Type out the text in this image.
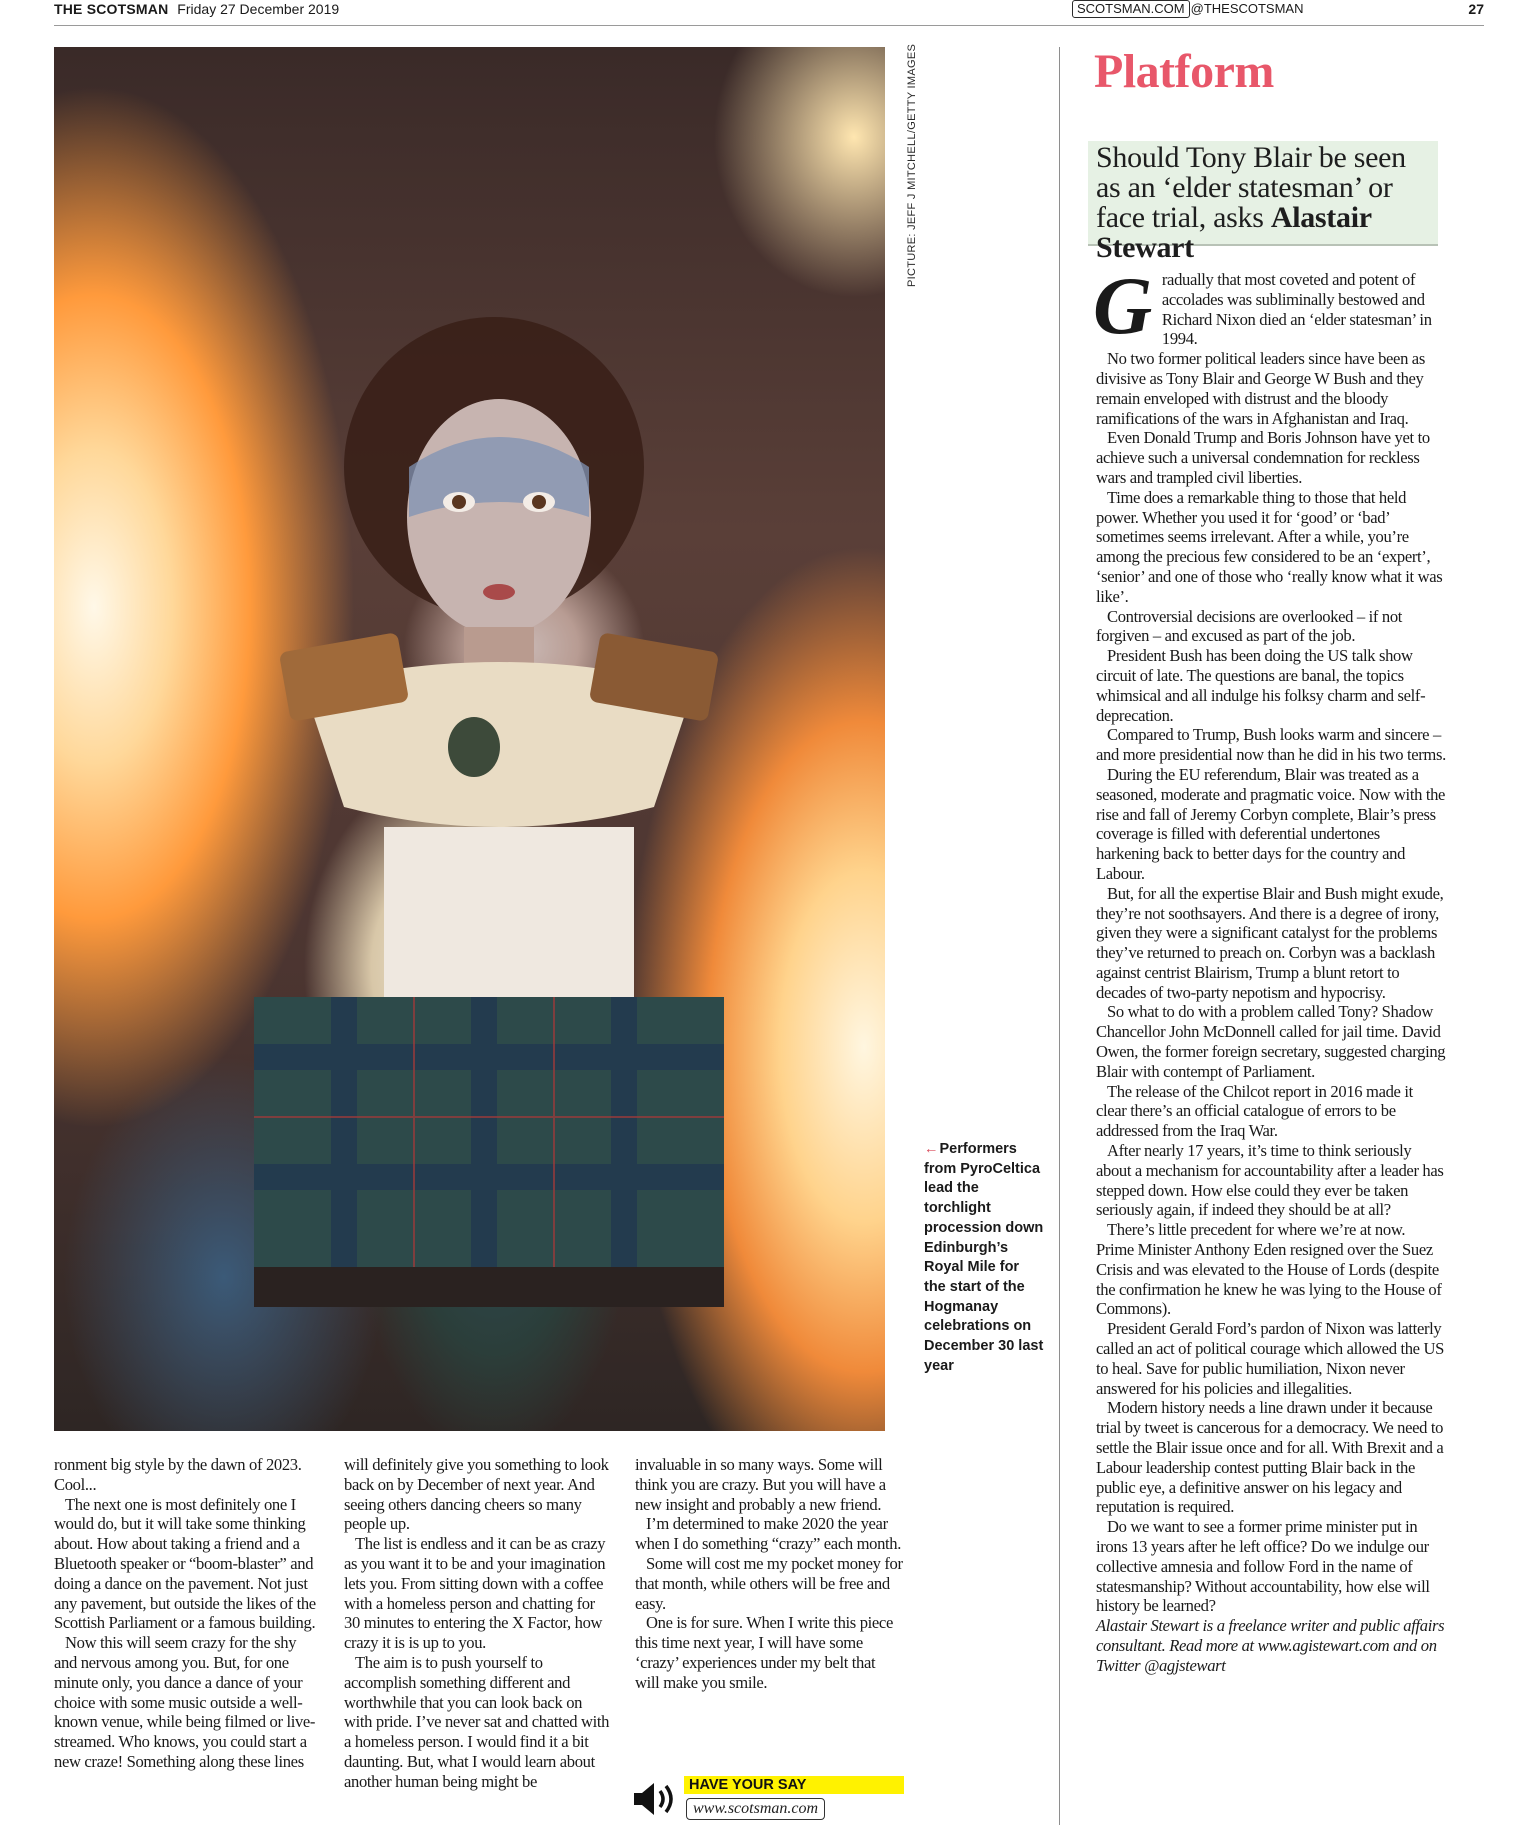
THE SCOTSMAN Friday 27 December 2019	SCOTSMAN.COM @THESCOTSMAN	27
PICTURE: JEFF J MITCHELL/GETTY IMAGES
←Performers from PyroCeltica lead the torchlight procession down Edinburgh’s Royal Mile for the start of the Hogmanay celebrations on December 30 last year
Platform
Should Tony Blair be seen as an ‘elder statesman’ or face trial, asks Alastair Stewart

Gradually that most coveted and potent of accolades was subliminally bestowed and Richard Nixon died an ‘elder statesman’ in 1994.

No two former political leaders since have been as divisive as Tony Blair and George W Bush and they remain enveloped with distrust and the bloody ramifications of the wars in Afghanistan and Iraq.

Even Donald Trump and Boris Johnson have yet to achieve such a universal condemnation for reckless wars and trampled civil liberties.

Time does a remarkable thing to those that held power. Whether you used it for ‘good’ or ‘bad’ sometimes seems irrelevant. After a while, you’re among the precious few considered to be an ‘expert’, ‘senior’ and one of those who ‘really know what it was like’.

Controversial decisions are overlooked – if not forgiven – and excused as part of the job.

President Bush has been doing the US talk show circuit of late. The questions are banal, the topics whimsical and all indulge his folksy charm and self-deprecation.

Compared to Trump, Bush looks warm and sincere – and more presidential now than he did in his two terms.

During the EU referendum, Blair was treated as a seasoned, moderate and pragmatic voice. Now with the rise and fall of Jeremy Corbyn complete, Blair’s press coverage is filled with deferential undertones harkening back to better days for the country and Labour.

But, for all the expertise Blair and Bush might exude, they’re not soothsayers. And there is a degree of irony, given they were a significant catalyst for the problems they’ve returned to preach on. Corbyn was a backlash against centrist Blairism, Trump a blunt retort to decades of two-party nepotism and hypocrisy.

So what to do with a problem called Tony? Shadow Chancellor John McDonnell called for jail time. David Owen, the former foreign secretary, suggested charging Blair with contempt of Parliament.

The release of the Chilcot report in 2016 made it clear there’s an official catalogue of errors to be addressed from the Iraq War.

After nearly 17 years, it’s time to think seriously about a mechanism for accountability after a leader has stepped down. How else could they ever be taken seriously again, if indeed they should be at all?

There’s little precedent for where we’re at now. Prime Minister Anthony Eden resigned over the Suez Crisis and was elevated to the House of Lords (despite the confirmation he knew he was lying to the House of Commons).

President Gerald Ford’s pardon of Nixon was latterly called an act of political courage which allowed the US to heal. Save for public humiliation, Nixon never answered for his policies and illegalities.

Modern history needs a line drawn under it because trial by tweet is cancerous for a democracy. We need to settle the Blair issue once and for all. With Brexit and a Labour leadership contest putting Blair back in the public eye, a definitive answer on his legacy and reputation is required.

Do we want to see a former prime minister put in irons 13 years after he left office? Do we indulge our collective amnesia and follow Ford in the name of statesmanship? Without accountability, how else will history be learned?

Alastair Stewart is a freelance writer and public affairs consultant. Read more at www.agistewart.com and on Twitter @agjstewart

ronment big style by the dawn of 2023. Cool...

The next one is most definitely one I would do, but it will take some thinking about. How about taking a friend and a Bluetooth speaker or “boom-blaster” and doing a dance on the pavement. Not just any pavement, but outside the likes of the Scottish Parliament or a famous building.

Now this will seem crazy for the shy and nervous among you. But, for one minute only, you dance a dance of your choice with some music outside a well-known venue, while being filmed or live-streamed. Who knows, you could start a new craze! Something along these lines

will definitely give you something to look back on by December of next year. And seeing others dancing cheers so many people up.

The list is endless and it can be as crazy as you want it to be and your imagination lets you. From sitting down with a coffee with a homeless person and chatting for 30 minutes to entering the X Factor, how crazy it is is up to you.

The aim is to push yourself to accomplish something different and worthwhile that you can look back on with pride. I’ve never sat and chatted with a homeless person. I would find it a bit daunting. But, what I would learn about another human being might be

invaluable in so many ways. Some will think you are crazy. But you will have a new insight and probably a new friend.

I’m determined to make 2020 the year when I do something “crazy” each month.

Some will cost me my pocket money for that month, while others will be free and easy.

One is for sure. When I write this piece this time next year, I will have some ‘crazy’ experiences under my belt that will make you smile.

HAVE YOUR SAY
www.scotsman.com
